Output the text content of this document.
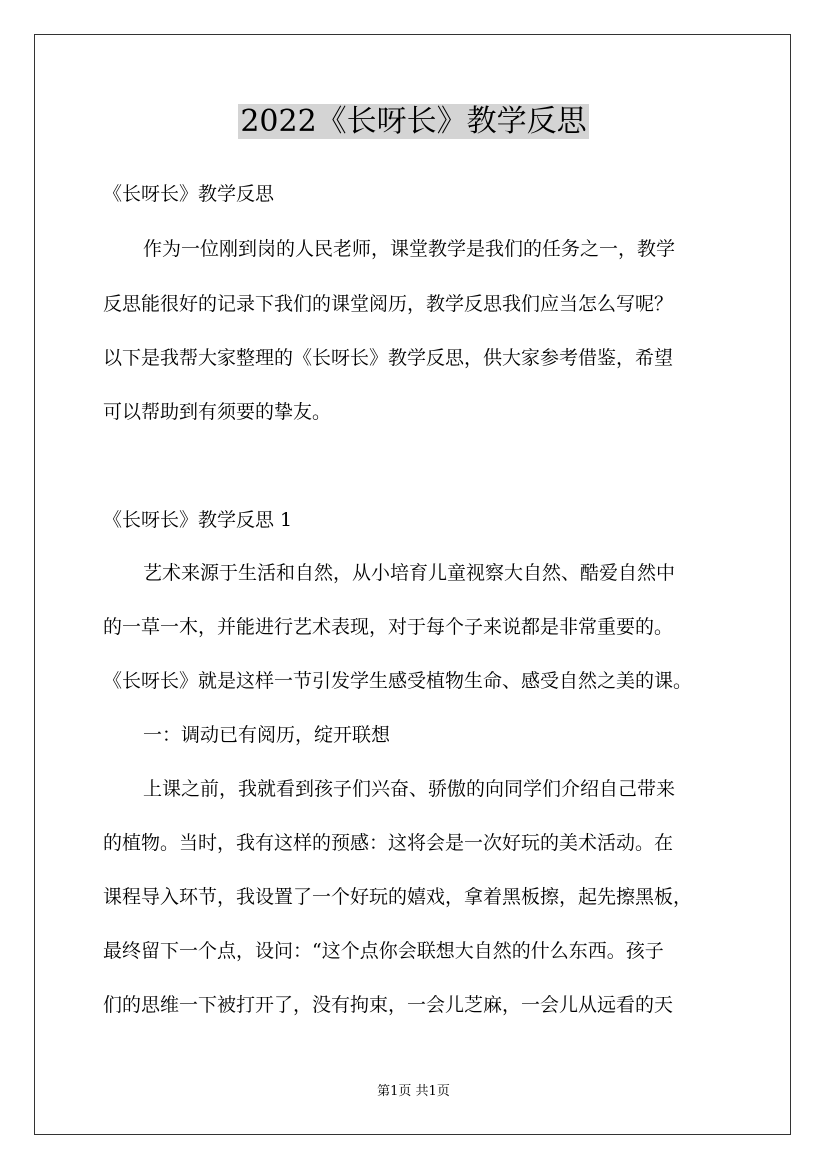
2022《长呀长》教学反思
《长呀长》教学反思
作为一位刚到岗的人民老师，课堂教学是我们的任务之一，教学
反思能很好的记录下我们的课堂阅历，教学反思我们应当怎么写呢？
以下是我帮大家整理的《长呀长》教学反思，供大家参考借鉴，希望
可以帮助到有须要的挚友。
《长呀长》教学反思 1
艺术来源于生活和自然，从小培育儿童视察大自然、酷爱自然中
的一草一木，并能进行艺术表现，对于每个子来说都是非常重要的。
《长呀长》就是这样一节引发学生感受植物生命、感受自然之美的课。
一：调动已有阅历，绽开联想
上课之前，我就看到孩子们兴奋、骄傲的向同学们介绍自己带来
的植物。当时，我有这样的预感：这将会是一次好玩的美术活动。在
课程导入环节，我设置了一个好玩的嬉戏，拿着黑板擦，起先擦黑板，
最终留下一个点，设问：“这个点你会联想大自然的什么东西。孩子
们的思维一下被打开了，没有拘束，一会儿芝麻，一会儿从远看的天
第1页 共1页
